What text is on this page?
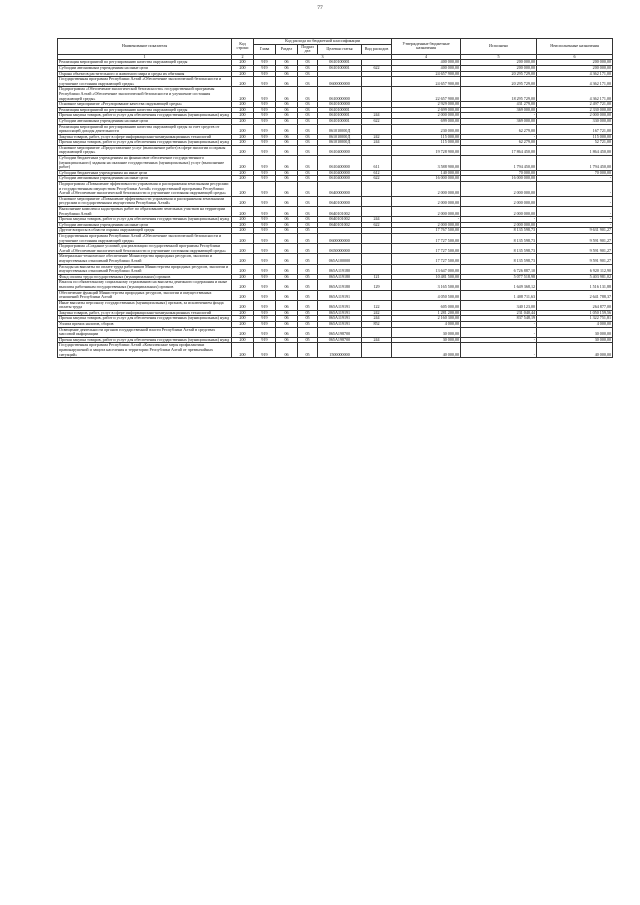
77
Наименование показателя	Код строки	Код расхода по бюджетной классификации					Утвержденные бюджетные назначения	Исполнено	Неисполненные назначения
		Глава	Раздел	Подраз дел	Целевая статья	Вид расходов			
1	2	3					4	5	6
Реализация мероприятий по регулированию качества окружающей среды	200	919	06	03	0610100001		400 000,00	200 000,00	200 000,00
Субсидии автономным учреждениям на иные цели	200	919	06	03	0610100001	622	400 000,00	200 000,00	200 000,00
Охрана объектов растительного и животного мира и среды их обитания	200	919	06	03			24 657 900,00	20 295 729,00	4 362 171,00
Государственная программа Республики Алтай «Обеспечение экологической безопасности и улучшение состояния окружающей среды»	200	919	06	03	0600000000		24 657 900,00	20 295 729,00	4 362 171,00
Подпрограмма «Обеспечение экологической безопасности» государственной программы Республики Алтай «Обеспечение экологической безопасности и улучшение состояния окружающей среды»	200	919	06	03	0610000000		22 657 900,00	18 295 729,00	4 362 171,00
Основное мероприятие «Регулирование качества окружающей среды»	200	919	06	03	0610100000		2 929 000,00	431 279,00	2 497 721,00
Реализация мероприятий по регулированию качества окружающей среды	200	919	06	03	0610100001		2 699 000,00	369 000,00	2 330 000,00
Прочая закупка товаров, работ и услуг для обеспечения государственных (муниципальных) нужд	200	919	06	03	0610100001	244	2 000 000,00	-	2 000 000,00
Субсидии автономным учреждениям на иные цели	200	919	06	03	0610100001	622	699 000,00	369 000,00	330 000,00
Реализация мероприятий по регулированию качества окружающей среды за счет средств от приносящей доходы деятельности	200	919	06	03	061010000Д		230 000,00	62 279,00	167 721,00
Закупка товаров, работ, услуг в сфере информационно-коммуникационных технологий	200	919	06	03	061010000Д	242	115 000,00	-	115 000,00
Прочая закупка товаров, работ и услуг для обеспечения государственных (муниципальных) нужд	200	919	06	03	061010000Д	244	115 000,00	62 279,00	52 721,00
Основное мероприятие «Предоставление услуг (выполнение работ) в сфере экологии и охраны окружающей среды»	200	919	06	03	0610400000		19 728 900,00	17 864 450,00	1 864 450,00
Субсидии бюджетным учреждениям на финансовое обеспечение государственного (муниципального) задания на оказание государственных (муниципальных) услуг (выполнение работ)	200	919	06	03	0610400000	611	3 588 900,00	1 794 450,00	1 794 450,00
Субсидии бюджетным учреждениям на иные цели	200	919	06	03	0610400000	612	140 000,00	70 000,00	70 000,00
Субсидии автономным учреждениям на иные цели	200	919	06	03	0610400000	622	16 000 000,00	16 000 000,00	-
Подпрограмма «Повышение эффективности управления и распоряжения земельными ресурсами и государственным имуществом Республики Алтай» государственной программы Республики Алтай «Обеспечение экологической безопасности и улучшение состояния окружающей среды»	200	919	06	03	0640000000		2 000 000,00	2 000 000,00	-
Основное мероприятие «Повышение эффективности управления и распоряжения земельными ресурсами и государственным имуществом Республики Алтай»	200	919	06	03	0640100000		2 000 000,00	2 000 000,00	-
Выполнение комплекса кадастровых работ по образованию земельных участков на территории Республики Алтай	200	919	06	03	0640101002		2 000 000,00	2 000 000,00	-
Прочая закупка товаров, работ и услуг для обеспечения государственных (муниципальных) нужд	200	919	06	03	0640101002	244	-	-	-
Субсидии автономным учреждениям на иные цели	200	919	06	03	0640101002	622	2 000 000,00	2 000 000,00	-
Другие вопросы в области охраны окружающей среды	200	919	06	05			17 767 500,00	8 135 598,73	9 631 901,27
Государственная программа Республики Алтай «Обеспечение экологической безопасности и улучшение состояния окружающей среды»	200	919	06	05	0600000000		17 727 500,00	8 135 598,73	9 591 901,27
Подпрограмма «Создание условий для реализации государственной программы Республики Алтай «Обеспечение экологической безопасности и улучшение состояния окружающей среды»	200	919	06	05	0650000000		17 727 500,00	8 135 598,73	9 591 901,27
Материально-техническое обеспечение Министерства природных ресурсов, экологии и имущественных отношений Республики Алтай	200	919	06	05	065А100000		17 727 500,00	8 135 598,73	9 591 901,27
Расходы на выплаты по оплате труда работников Министерства природных ресурсов, экологии и имущественных отношений Республики Алтай	200	919	06	05	065А119180		13 647 000,00	6 726 887,10	6 920 112,90
Фонд оплаты труда государственных (муниципальных) органов	200	919	06	05	065А119180	121	10 481 500,00	5 077 518,98	5 403 981,02
Взносы по обязательному социальному страхованию на выплаты денежного содержания и иные выплаты работникам государственных (муниципальных) органов	200	919	06	05	065А119180	129	3 165 500,00	1 649 368,12	1 516 131,88
Обеспечение функций Министерства природных ресурсов, экологии и имущественных отношений Республики Алтай	200	919	06	05	065А119191		4 050 500,00	1 408 711,63	2 641 788,37
Иные выплаты персоналу государственных (муниципальных) органов, за исключением фонда оплаты труда	200	919	06	05	065А119191	122	605 000,00	340 123,00	264 877,00
Закупка товаров, работ, услуг в сфере информационно-коммуникационных технологий	200	919	06	05	065А119191	242	1 281 200,00	231 040,44	1 050 159,56
Прочая закупка товаров, работ и услуг для обеспечения государственных (муниципальных) нужд	200	919	06	05	065А119191	244	2 160 300,00	837 548,19	1 322 751,81
Уплата прочих налогов, сборов	200	919	06	05	065А119191	852	4 000,00	-	4 000,00
Освещение деятельности органов государственной власти Республики Алтай в средствах массовой информации	200	919	06	05	065А198700		30 000,00	-	30 000,00
Прочая закупка товаров, работ и услуг для обеспечения государственных (муниципальных) нужд	200	919	06	05	065А198700	244	30 000,00	-	30 000,00
Государственная программа Республики Алтай «Комплексные меры профилактики правонарушений и защита населения и территории Республики Алтай от чрезвычайных ситуаций»	200	919	06	05	1500000000		40 000,00	-	40 000,00
